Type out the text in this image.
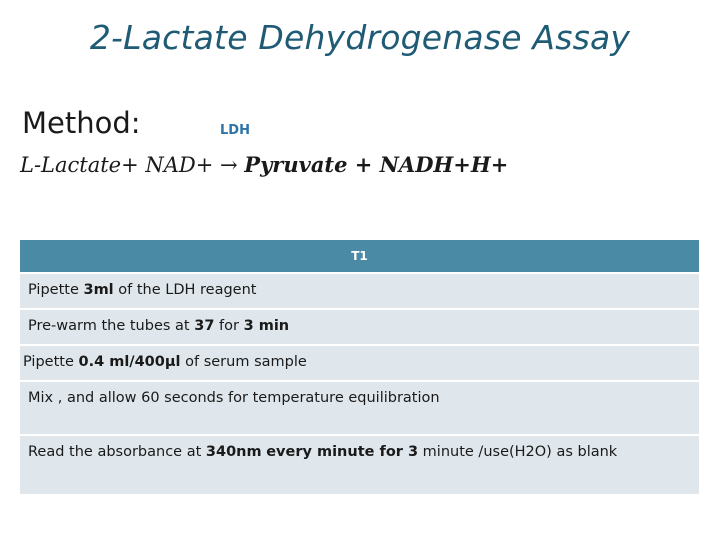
2-Lactate Dehydrogenase Assay
Method:	LDH
L-Lactate+ NAD+ → Pyruvate + NADH+H+
T1
Pipette 3ml of the LDH reagent
Pre-warm the tubes at 37 for 3 min
Pipette 0.4 ml/400µl of serum sample
Mix , and allow 60 seconds for temperature equilibration
Read the absorbance at 340nm every minute for 3 minute /use(H2O) as blank
